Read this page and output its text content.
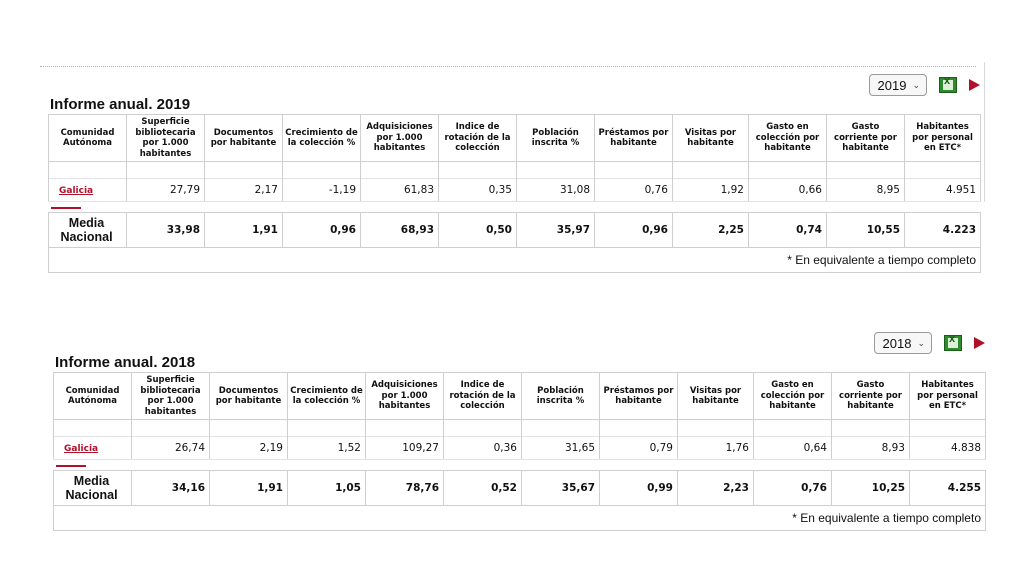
2019 ⌄
x
Informe anual. 2019
Comunidad Autónoma	Superficie bibliotecaria por 1.000 habitantes	Documentos por habitante	Crecimiento de la colección %	Adquisiciones por 1.000 habitantes	Indice de rotación de la colección	Población inscrita %	Préstamos por habitante	Visitas por habitante	Gasto en colección por habitante	Gasto corriente por habitante	Habitantes por personal en ETC*

Galicia	27,79	2,17	-1,19	61,83	0,35	31,08	0,76	1,92	0,66	8,95	4.951

Media Nacional	33,98	1,91	0,96	68,93	0,50	35,97	0,96	2,25	0,74	10,55	4.223
* En equivalente a tiempo completo											
2018 ⌄
x
Informe anual. 2018
Comunidad Autónoma	Superficie bibliotecaria por 1.000 habitantes	Documentos por habitante	Crecimiento de la colección %	Adquisiciones por 1.000 habitantes	Indice de rotación de la colección	Población inscrita %	Préstamos por habitante	Visitas por habitante	Gasto en colección por habitante	Gasto corriente por habitante	Habitantes por personal en ETC*

Galicia	26,74	2,19	1,52	109,27	0,36	31,65	0,79	1,76	0,64	8,93	4.838

Media Nacional	34,16	1,91	1,05	78,76	0,52	35,67	0,99	2,23	0,76	10,25	4.255
* En equivalente a tiempo completo											
